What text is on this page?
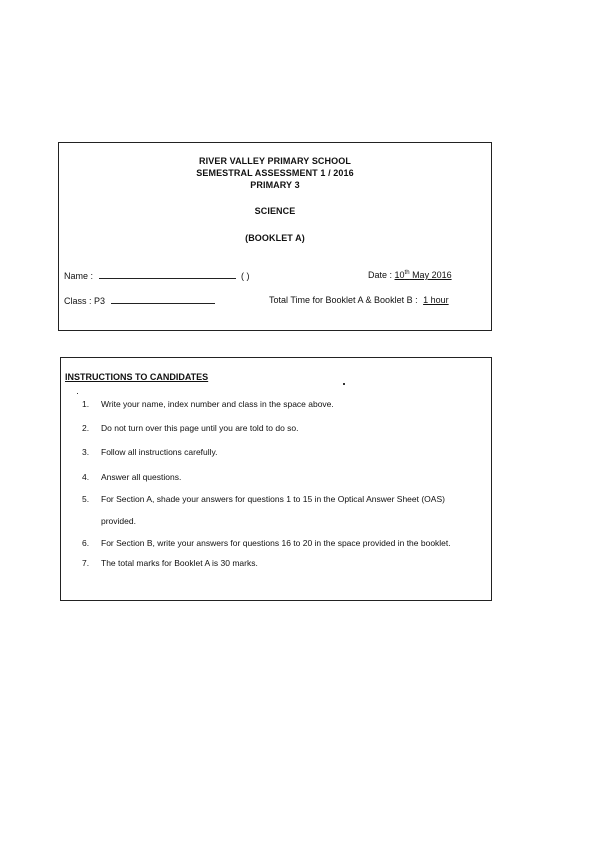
RIVER VALLEY PRIMARY SCHOOL
SEMESTRAL ASSESSMENT 1 / 2016
PRIMARY 3
SCIENCE
(BOOKLET A)
Name :	( )	Date : 10th May 2016
Class : P3	Total Time for Booklet A & Booklet B : 1 hour
INSTRUCTIONS TO CANDIDATES
1. Write your name, index number and class in the space above.
2. Do not turn over this page until you are told to do so.
3. Follow all instructions carefully.
4. Answer all questions.
5. For Section A, shade your answers for questions 1 to 15 in the Optical Answer Sheet (OAS)
provided.
6. For Section B, write your answers for questions 16 to 20 in the space provided in the booklet.
7. The total marks for Booklet A is 30 marks.
